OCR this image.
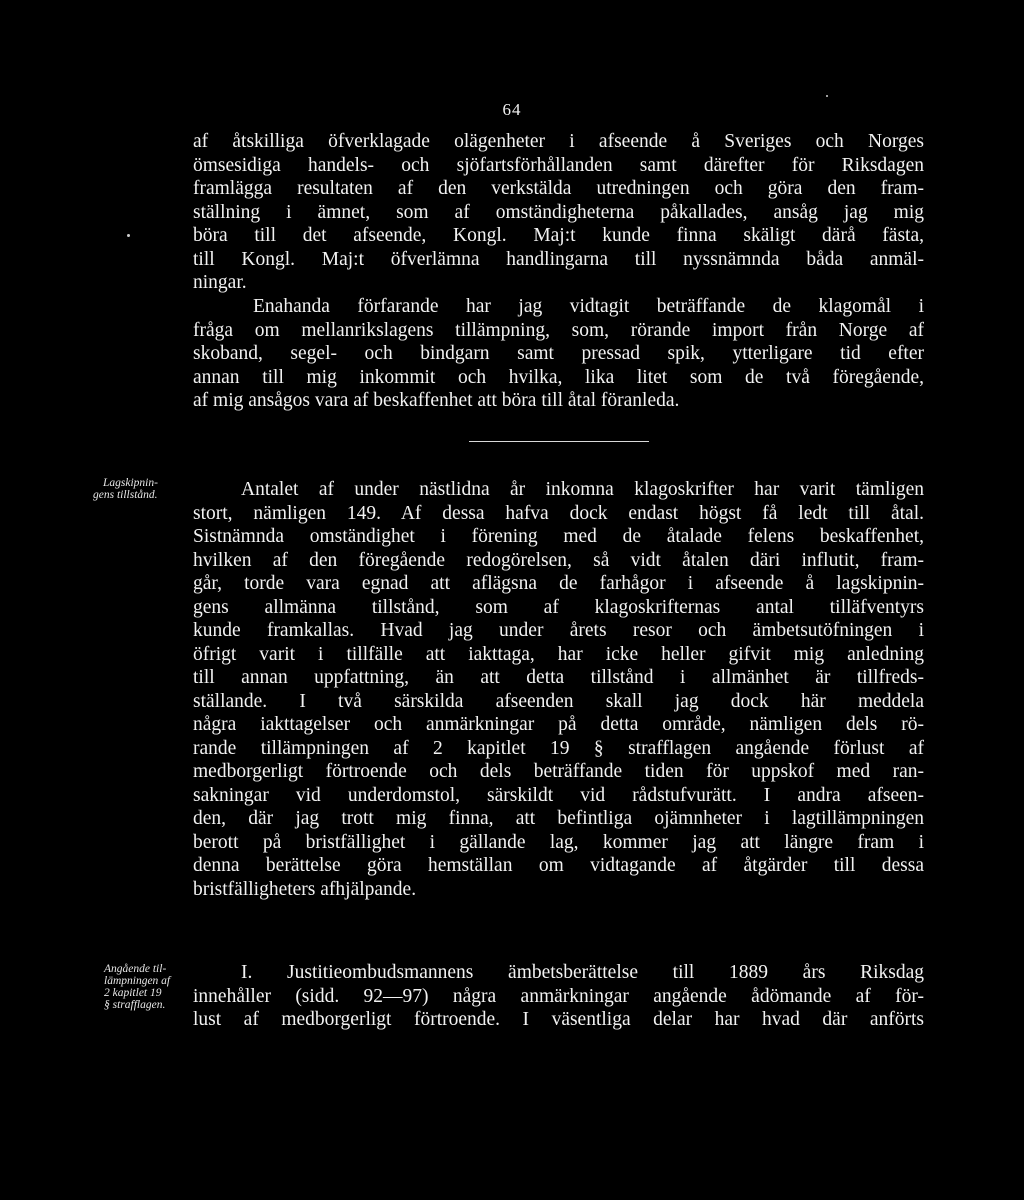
64
af åtskilliga öfverklagade olägenheter i afseende å Sveriges och Norges
ömsesidiga handels- och sjöfartsförhållanden samt därefter för Riksdagen
framlägga resultaten af den verkstälda utredningen och göra den fram-
ställning i ämnet, som af omständigheterna påkallades, ansåg jag mig
böra till det afseende, Kongl. Maj:t kunde finna skäligt därå fästa,
till Kongl. Maj:t öfverlämna handlingarna till nyssnämnda båda anmäl-
ningar.
Enahanda förfarande har jag vidtagit beträffande de klagomål i
fråga om mellanrikslagens tillämpning, som, rörande import från Norge af
skoband, segel- och bindgarn samt pressad spik, ytterligare tid efter
annan till mig inkommit och hvilka, lika litet som de två föregående,
af mig ansågos vara af beskaffenhet att böra till åtal föranleda.
Lagskipnin-
gens tillstånd.	Antalet af under nästlidna år inkomna klagoskrifter har varit tämligen
stort, nämligen 149. Af dessa hafva dock endast högst få ledt till åtal.
Sistnämnda omständighet i förening med de åtalade felens beskaffenhet,
hvilken af den föregående redogörelsen, så vidt åtalen däri influtit, fram-
går, torde vara egnad att aflägsna de farhågor i afseende å lagskipnin-
gens allmänna tillstånd, som af klagoskrifternas antal tilläfventyrs
kunde framkallas. Hvad jag under årets resor och ämbetsutöfningen i
öfrigt varit i tillfälle att iakttaga, har icke heller gifvit mig anledning
till annan uppfattning, än att detta tillstånd i allmänhet är tillfreds-
ställande. I två särskilda afseenden skall jag dock här meddela
några iakttagelser och anmärkningar på detta område, nämligen dels rö-
rande tillämpningen af 2 kapitlet 19 § strafflagen angående förlust af
medborgerligt förtroende och dels beträffande tiden för uppskof med ran-
sakningar vid underdomstol, särskildt vid rådstufvurätt. I andra afseen-
den, där jag trott mig finna, att befintliga ojämnheter i lagtillämpningen
berott på bristfällighet i gällande lag, kommer jag att längre fram i
denna berättelse göra hemställan om vidtagande af åtgärder till dessa
bristfälligheters afhjälpande.
Angående til-
lämpningen af
2 kapitlet 19
§ strafflagen.
I. Justitieombudsmannens ämbetsberättelse till 1889 års Riksdag
innehåller (sidd. 92—97) några anmärkningar angående ådömande af för-
lust af medborgerligt förtroende. I väsentliga delar har hvad där anförts
